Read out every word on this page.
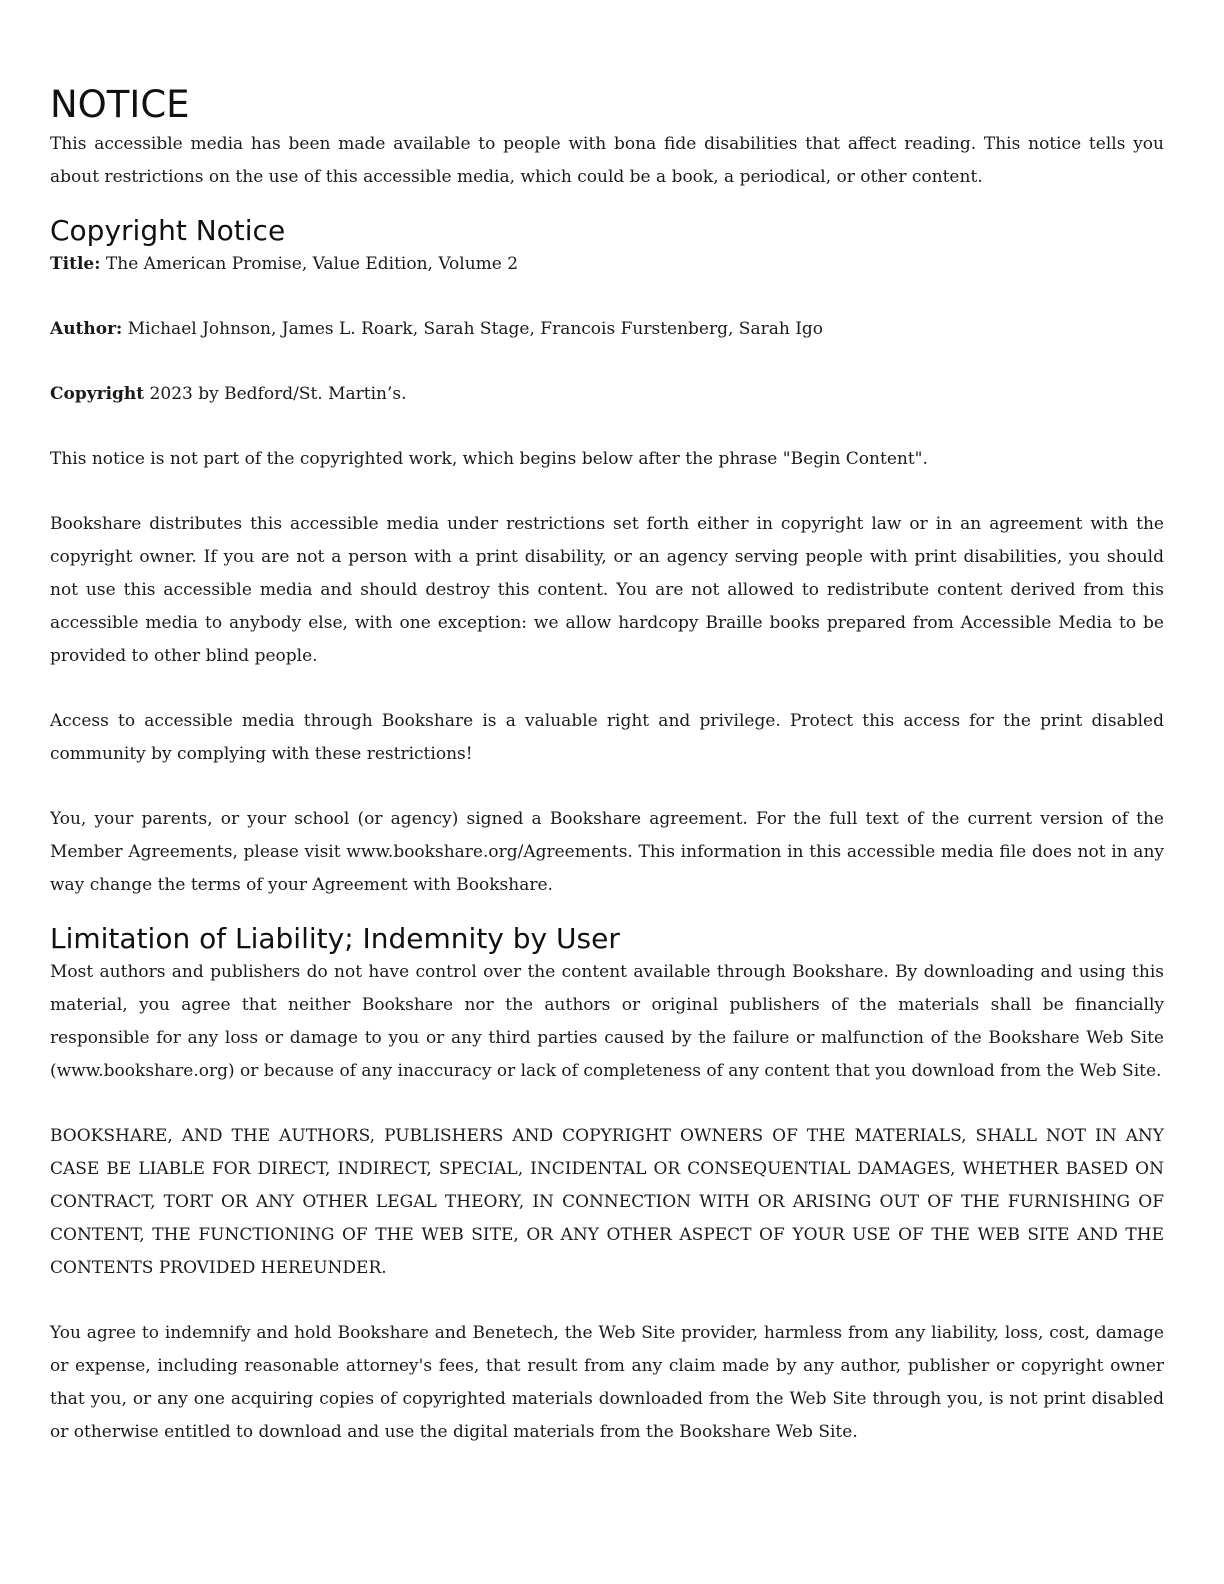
NOTICE

This accessible media has been made available to people with bona fide disabilities that affect reading. This notice tells you about restrictions on the use of this accessible media, which could be a book, a periodical, or other content.

Copyright Notice

Title: The American Promise, Value Edition, Volume 2

Author: Michael Johnson, James L. Roark, Sarah Stage, Francois Furstenberg, Sarah Igo

Copyright 2023 by Bedford/St. Martin’s.

This notice is not part of the copyrighted work, which begins below after the phrase "Begin Content".

Bookshare distributes this accessible media under restrictions set forth either in copyright law or in an agreement with the copyright owner. If you are not a person with a print disability, or an agency serving people with print disabilities, you should not use this accessible media and should destroy this content. You are not allowed to redistribute content derived from this accessible media to anybody else, with one exception: we allow hardcopy Braille books prepared from Accessible Media to be provided to other blind people.

Access to accessible media through Bookshare is a valuable right and privilege. Protect this access for the print disabled community by complying with these restrictions!

You, your parents, or your school (or agency) signed a Bookshare agreement. For the full text of the current version of the Member Agreements, please visit www.bookshare.org/Agreements. This information in this accessible media file does not in any way change the terms of your Agreement with Bookshare.

Limitation of Liability; Indemnity by User

Most authors and publishers do not have control over the content available through Bookshare. By downloading and using this material, you agree that neither Bookshare nor the authors or original publishers of the materials shall be financially responsible for any loss or damage to you or any third parties caused by the failure or malfunction of the Bookshare Web Site (www.bookshare.org) or because of any inaccuracy or lack of completeness of any content that you download from the Web Site.

BOOKSHARE, AND THE AUTHORS, PUBLISHERS AND COPYRIGHT OWNERS OF THE MATERIALS, SHALL NOT IN ANY CASE BE LIABLE FOR DIRECT, INDIRECT, SPECIAL, INCIDENTAL OR CONSEQUENTIAL DAMAGES, WHETHER BASED ON CONTRACT, TORT OR ANY OTHER LEGAL THEORY, IN CONNECTION WITH OR ARISING OUT OF THE FURNISHING OF CONTENT, THE FUNCTIONING OF THE WEB SITE, OR ANY OTHER ASPECT OF YOUR USE OF THE WEB SITE AND THE CONTENTS PROVIDED HEREUNDER.

You agree to indemnify and hold Bookshare and Benetech, the Web Site provider, harmless from any liability, loss, cost, damage or expense, including reasonable attorney's fees, that result from any claim made by any author, publisher or copyright owner that you, or any one acquiring copies of copyrighted materials downloaded from the Web Site through you, is not print disabled or otherwise entitled to download and use the digital materials from the Bookshare Web Site.
